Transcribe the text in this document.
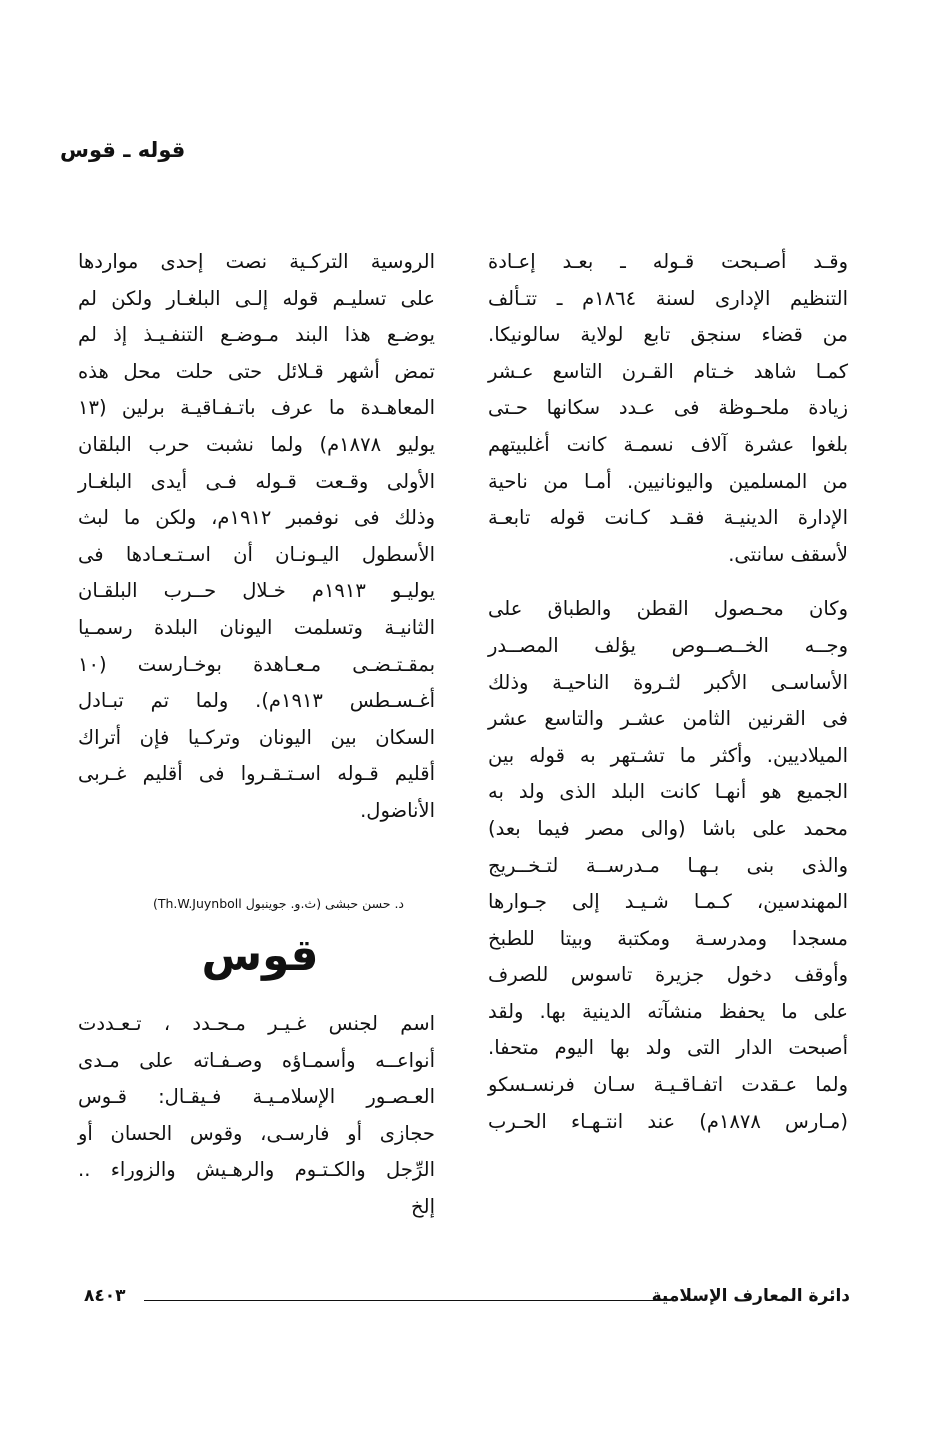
قوله ـ قوس

وقـد أصـبحت قـوله ـ بعـد إعـادة
التنظيم الإدارى لسنة ١٨٦٤م ـ تتـألف
من قضاء سنجق تابع لولاية سالونيكا.
كمـا شاهد خـتام القـرن التاسع عـشر
زيادة ملحـوظة فى عـدد سكانها حـتى
بلغوا عشرة آلاف نسمـة كانت أغلبيتهم
من المسلمين واليونانيين. أمـا من ناحية
الإدارة الدينيـة فقـد كـانت قوله تابعـة
لأسقف سانتى.

وكان محـصول القطن والطباق على
وجــه الخــصــوص يؤلف المصــدر
الأساسـى الأكبر لثـروة الناحيـة وذلك
فى القرنين الثامن عشـر والتاسع عشر
الميلاديين. وأكثر ما تشـتهر به قوله بين
الجميع هو أنهـا كانت البلد الذى ولد به
محمد على باشا (والى مصر فيما بعد)
والذى بنى بـهـا مـدرســة لتـخــريج
المهندسين، كـمـا شـيـد إلى جـوارها
مسجدا ومدرسـة ومكتبة وبيتا للطبخ
وأوقف دخول جزيرة تاسوس للصرف
على ما يحفظ منشآته الدينية بها. ولقد
أصبحت الدار التى ولد بها اليوم متحفا.
ولما عـقدت اتفـاقـيـة سـان فرنسـسكو
(مـارس ١٨٧٨م) عند انتـهـاء الحـرب

الروسية التركـية نصت إحدى مواردها
على تسليـم قوله إلـى البلغـار ولكن لم
يوضـع هذا البند مـوضـع التنفـيـذ إذ لم
تمض أشهر قـلائل حتى حلت محل هذه
المعاهـدة ما عرف باتـفـاقيـة برلين (١٣
يوليو ١٨٧٨م) ولما نشبت حرب البلقان
الأولى وقـعت قـوله فـى أيدى البلغـار
وذلك فى نوفمبر ١٩١٢م، ولكن ما لبث
الأسطول اليـونـان أن اسـتـعـادها فى
يوليـو ١٩١٣م خـلال حــرب البلقـان
الثانيـة وتسلمت اليونان البلدة رسمـيا
بمقـتـضـى مـعـاهدة بوخـارست (١٠
أغـسـطس ١٩١٣م). ولما تم تبـادل
السكان بين اليونان وتركـيا فإن أتراك
أقليم قـوله اسـتـقـروا فى أقليم غـربى
الأناضول.

د. حسن حبشى (ث.و. جوينبول Th.W.Juynboll)
قوس

اسم لجنس غـيـر مـحـدد ، تـعـددت
أنواعــه وأسمـاؤه وصـفـاته على مـدى
العـصـور الإسلامـيـة فـيقـال: قـوس
حجازى أو فارسـى، وقوس الحسان أو
الرِّجل والكـتـوم والرهـيش والزوراء ..
إلخ

دائرة المعارف الإسلامية
٨٤٠٣
